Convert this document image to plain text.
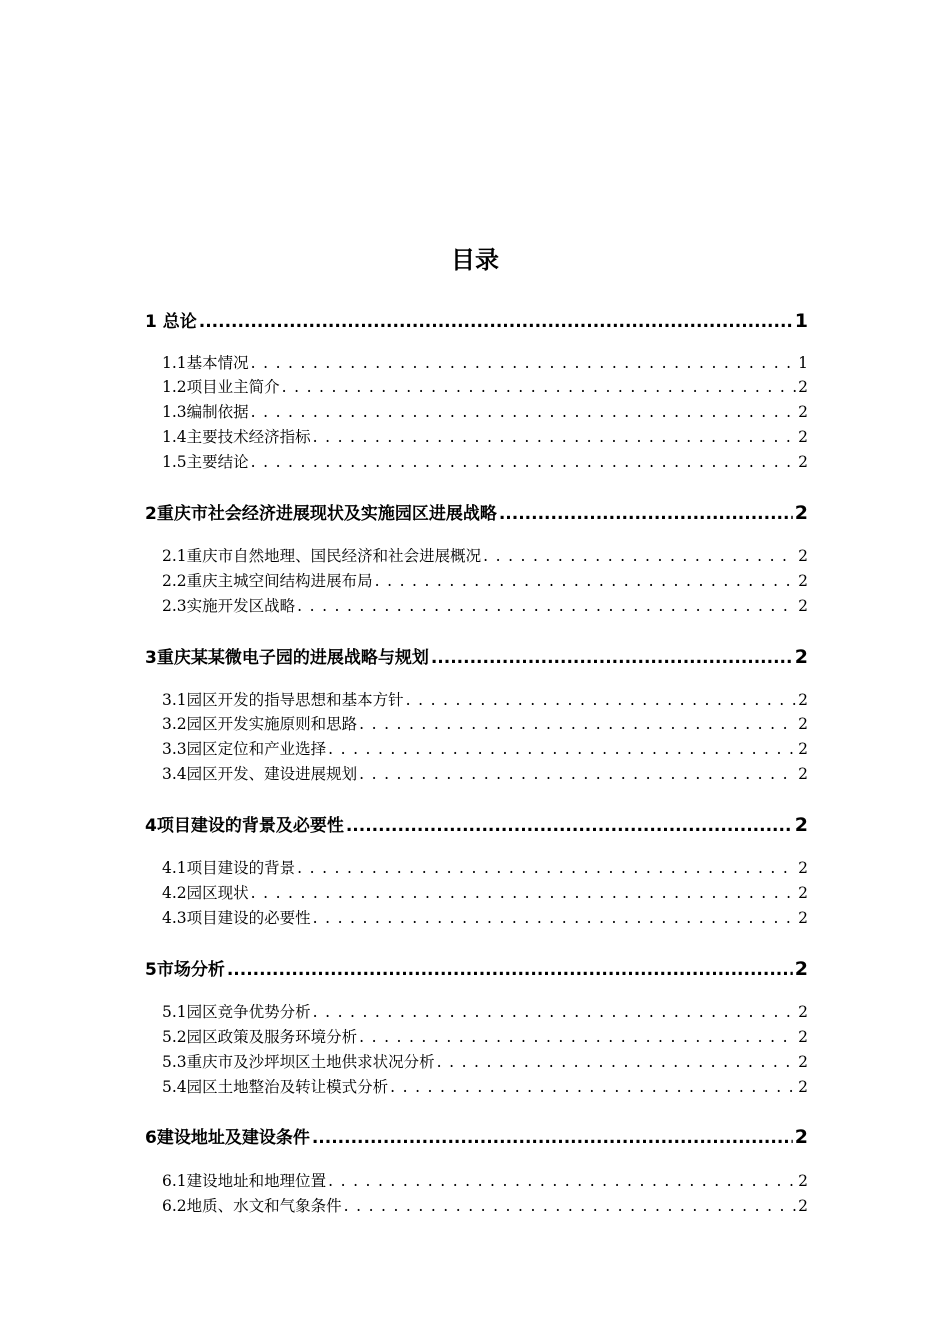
目录
1 总论 .....	1
1.1基本情况 . . .	1
1.2项目业主简介 . . .	2
1.3编制依据 . . .	2
1.4主要技术经济指标 . . .	2
1.5主要结论 . . .	2
2重庆市社会经济进展现状及实施园区进展战略 .....	2
2.1重庆市自然地理、国民经济和社会进展概况 . . .	2
2.2重庆主城空间结构进展布局 . . .	2
2.3实施开发区战略 . . .	2
3重庆某某微电子园的进展战略与规划 .....	2
3.1园区开发的指导思想和基本方针 . . .	2
3.2园区开发实施原则和思路 . . .	2
3.3园区定位和产业选择 . . .	2
3.4园区开发、建设进展规划 . . .	2
4项目建设的背景及必要性 .....	2
4.1项目建设的背景 . . .	2
4.2园区现状 . . .	2
4.3项目建设的必要性 . . .	2
5市场分析 .....	2
5.1园区竞争优势分析 . . .	2
5.2园区政策及服务环境分析 . . .	2
5.3重庆市及沙坪坝区土地供求状况分析 . . .	2
5.4园区土地整治及转让模式分析 . . .	2
6建设地址及建设条件 .....	2
6.1建设地址和地理位置 . . .	2
6.2地质、水文和气象条件 . . .	2
